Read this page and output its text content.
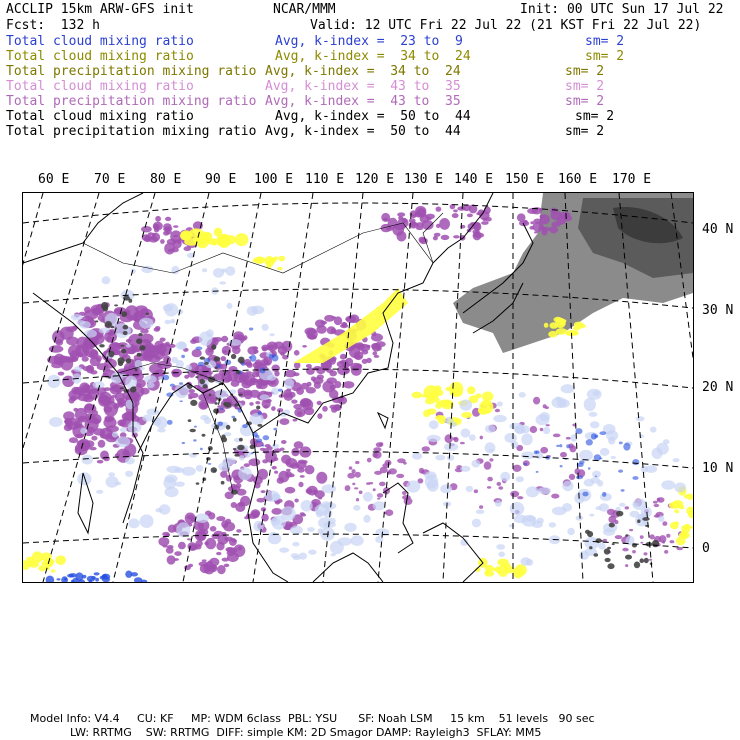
ACCLIP 15km ARW-GFS init	NCAR/MMM	Init: 00 UTC Sun 17 Jul 22
Fcst:  132 h	Valid: 12 UTC Fri 22 Jul 22 (21 KST Fri 22 Jul 22)
Total cloud mixing ratio	Avg, k-index =  23 to  9	sm= 2
Total cloud mixing ratio	Avg, k-index =  34 to  24	sm= 2
Total precipitation mixing ratio Avg, k-index =  34 to  24	sm= 2
Total cloud mixing ratio	Avg, k-index =  43 to  35	sm= 2
Total precipitation mixing ratio Avg, k-index =  43 to  35	sm= 2
Total cloud mixing ratio	Avg, k-index =  50 to  44	sm= 2
Total precipitation mixing ratio Avg, k-index =  50 to  44	sm= 2
60 E 70 E 80 E 90 E 100 E 110 E 120 E 130 E 140 E 150 E 160 E 170 E
40 N
30 N
20 N
10 N
0
Model Info: V4.4     CU: KF     MP: WDM 6class  PBL: YSU      SF: Noah LSM     15 km    51 levels   90 sec
LW: RRTMG    SW: RRTMG  DIFF: simple KM: 2D Smagor DAMP: Rayleigh3  SFLAY: MM5
